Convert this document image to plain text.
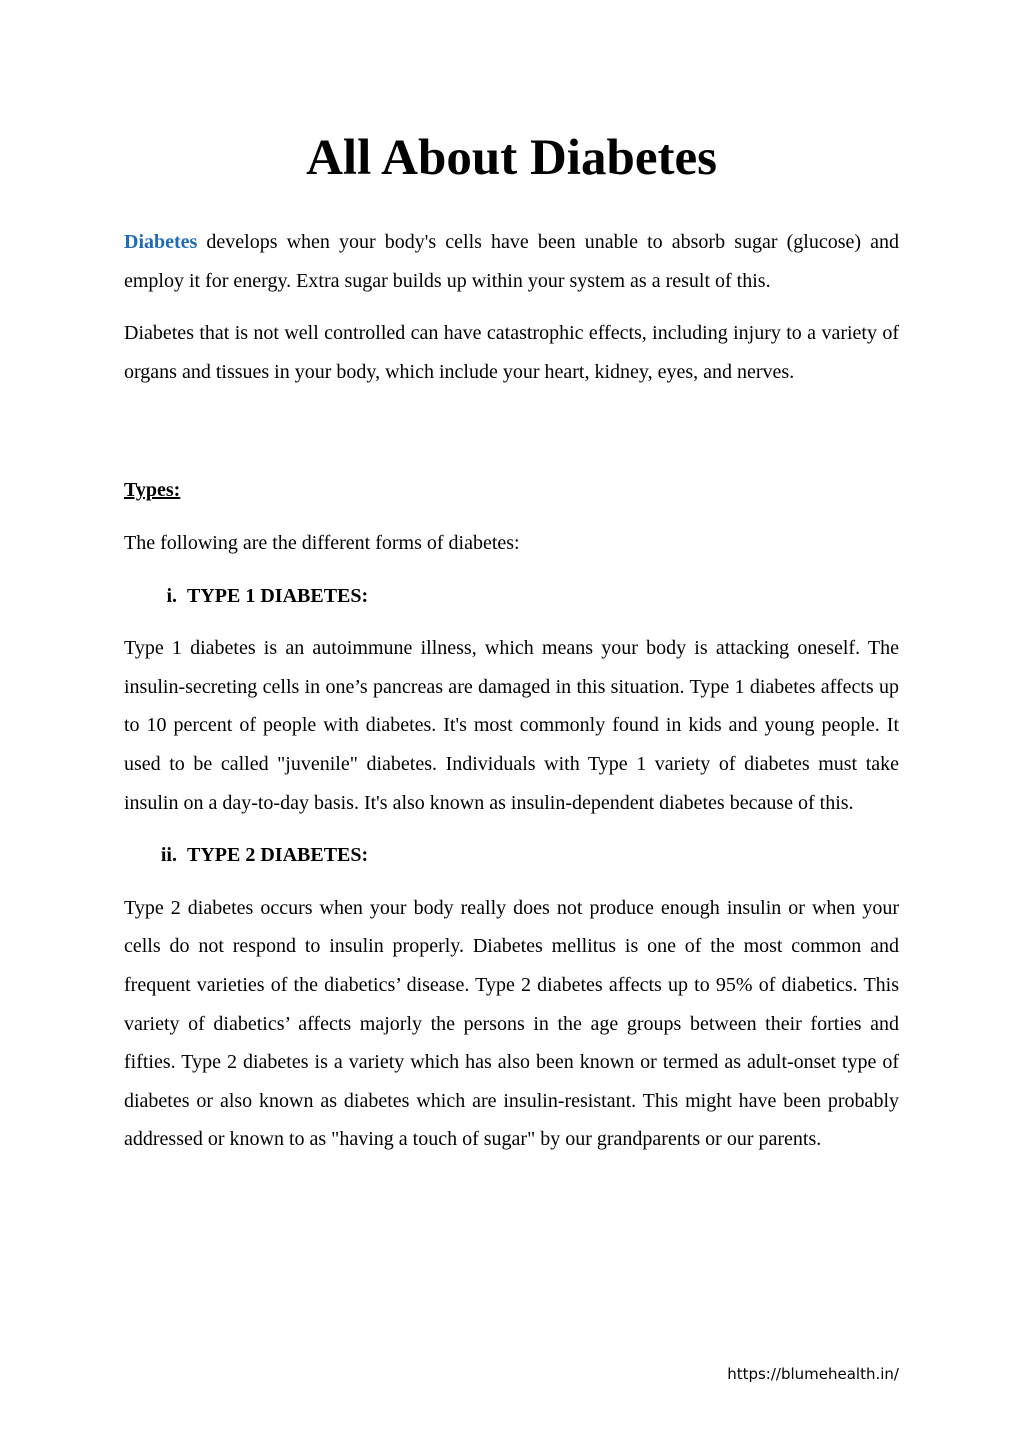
All About Diabetes

Diabetes develops when your body's cells have been unable to absorb sugar (glucose) and employ it for energy. Extra sugar builds up within your system as a result of this.

Diabetes that is not well controlled can have catastrophic effects, including injury to a variety of organs and tissues in your body, which include your heart, kidney, eyes, and nerves.

Types:

The following are the different forms of diabetes:

i. TYPE 1 DIABETES:

Type 1 diabetes is an autoimmune illness, which means your body is attacking oneself. The insulin-secreting cells in one’s pancreas are damaged in this situation. Type 1 diabetes affects up to 10 percent of people with diabetes. It's most commonly found in kids and young people. It used to be called "juvenile" diabetes. Individuals with Type 1 variety of diabetes must take insulin on a day-to-day basis. It's also known as insulin-dependent diabetes because of this.

ii. TYPE 2 DIABETES:

Type 2 diabetes occurs when your body really does not produce enough insulin or when your cells do not respond to insulin properly. Diabetes mellitus is one of the most common and frequent varieties of the diabetics’ disease. Type 2 diabetes affects up to 95% of diabetics. This variety of diabetics’ affects majorly the persons in the age groups between their forties and fifties. Type 2 diabetes is a variety which has also been known or termed as adult-onset type of diabetes or also known as diabetes which are insulin-resistant. This might have been probably addressed or known to as "having a touch of sugar" by our grandparents or our parents.

https://blumehealth.in/
